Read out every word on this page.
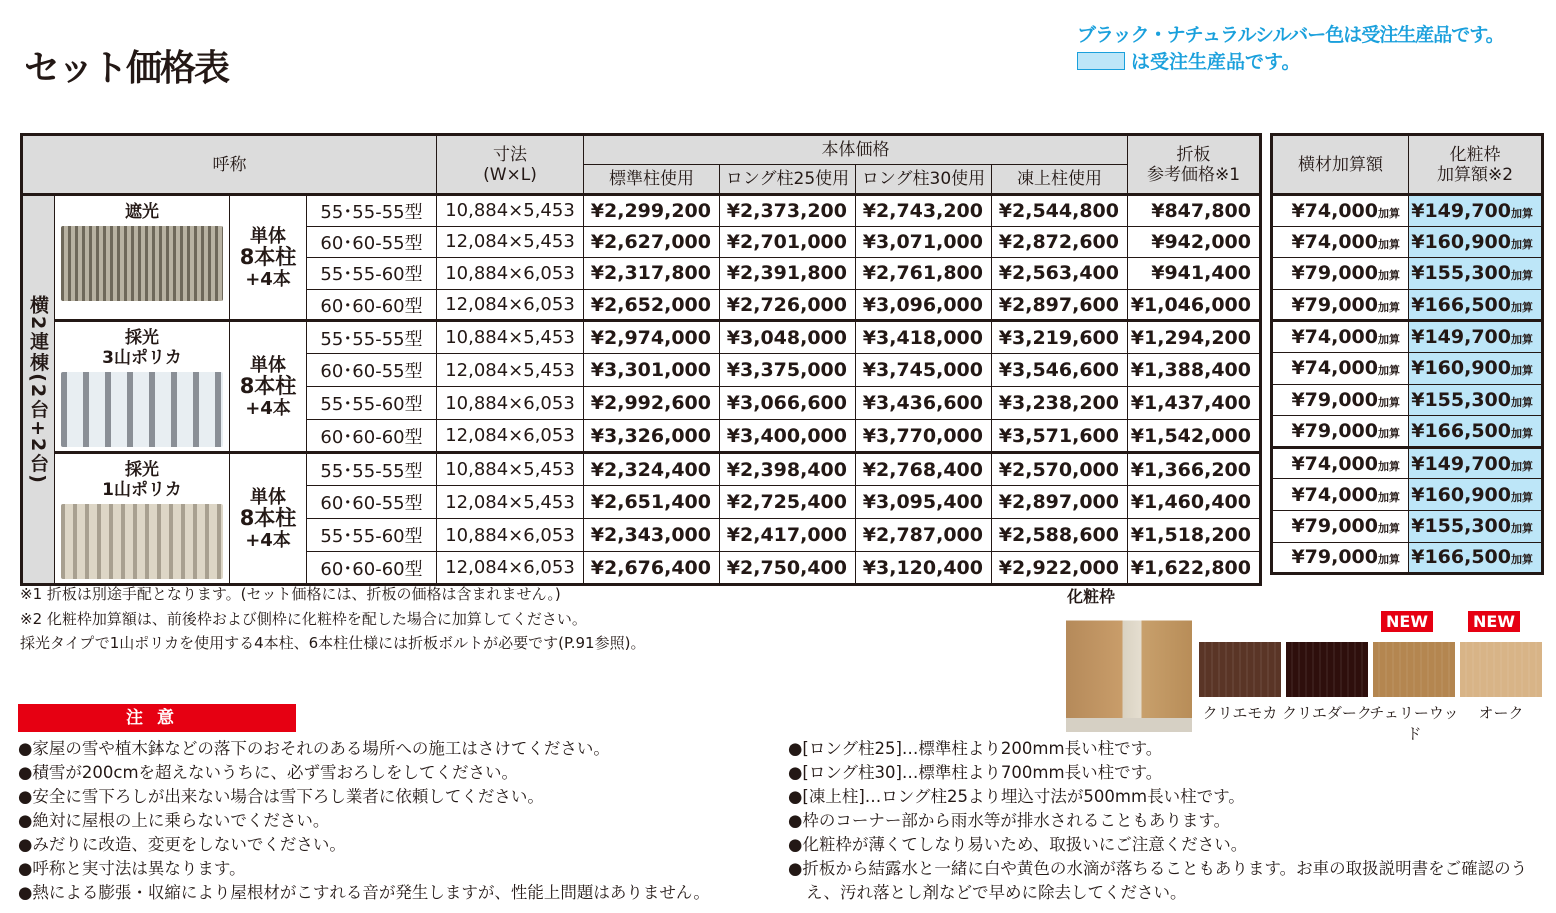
セット価格表
ブラック・ナチュラルシルバー色は受注生産品です。
は受注生産品です。
呼称				寸法
(W×L)	本体価格				折板
参考価格※1
					標準柱使用	ロング柱25使用	ロング柱30使用	凍上柱使用	
横2連棟(2台+2台)	遮光	単体
8本柱
+4本	55･55-55型	10,884×5,453	¥2,299,200	¥2,373,200	¥2,743,200	¥2,544,800	¥847,800
			60･60-55型	12,084×5,453	¥2,627,000	¥2,701,000	¥3,071,000	¥2,872,600	¥942,000
			55･55-60型	10,884×6,053	¥2,317,800	¥2,391,800	¥2,761,800	¥2,563,400	¥941,400
			60･60-60型	12,084×6,053	¥2,652,000	¥2,726,000	¥3,096,000	¥2,897,600	¥1,046,000
	採光
3山ポリカ	単体
8本柱
+4本	55･55-55型	10,884×5,453	¥2,974,000	¥3,048,000	¥3,418,000	¥3,219,600	¥1,294,200
			60･60-55型	12,084×5,453	¥3,301,000	¥3,375,000	¥3,745,000	¥3,546,600	¥1,388,400
			55･55-60型	10,884×6,053	¥2,992,600	¥3,066,600	¥3,436,600	¥3,238,200	¥1,437,400
			60･60-60型	12,084×6,053	¥3,326,000	¥3,400,000	¥3,770,000	¥3,571,600	¥1,542,000
	採光
1山ポリカ	単体
8本柱
+4本	55･55-55型	10,884×5,453	¥2,324,400	¥2,398,400	¥2,768,400	¥2,570,000	¥1,366,200
			60･60-55型	12,084×5,453	¥2,651,400	¥2,725,400	¥3,095,400	¥2,897,000	¥1,460,400
			55･55-60型	10,884×6,053	¥2,343,000	¥2,417,000	¥2,787,000	¥2,588,600	¥1,518,200
			60･60-60型	12,084×6,053	¥2,676,400	¥2,750,400	¥3,120,400	¥2,922,000	¥1,622,800
横材加算額	化粧枠
加算額※2
¥74,000加算	¥149,700加算
¥74,000加算	¥160,900加算
¥79,000加算	¥155,300加算
¥79,000加算	¥166,500加算
¥74,000加算	¥149,700加算
¥74,000加算	¥160,900加算
¥79,000加算	¥155,300加算
¥79,000加算	¥166,500加算
¥74,000加算	¥149,700加算
¥74,000加算	¥160,900加算
¥79,000加算	¥155,300加算
¥79,000加算	¥166,500加算
※1 折板は別途手配となります。(セット価格には、折板の価格は含まれません。)
※2 化粧枠加算額は、前後枠および側枠に化粧枠を配した場合に加算してください。
採光タイプで1山ポリカを使用する4本柱、6本柱仕様には折板ボルトが必要です(P.91参照)。
注意
●家屋の雪や植木鉢などの落下のおそれのある場所への施工はさけてください。
●積雪が200cmを超えないうちに、必ず雪おろしをしてください。
●安全に雪下ろしが出来ない場合は雪下ろし業者に依頼してください。
●絶対に屋根の上に乗らないでください。
●みだりに改造、変更をしないでください。
●呼称と実寸法は異なります。
●熱による膨張・収縮により屋根材がこすれる音が発生しますが、性能上問題はありません。
●[ロング柱25]…標準柱より200mm長い柱です。
●[ロング柱30]…標準柱より700mm長い柱です。
●[凍上柱]…ロング柱25より埋込寸法が500mm長い柱です。
●枠のコーナー部から雨水等が排水されることもあります。
●化粧枠が薄くてしなり易いため、取扱いにご注意ください。
●折板から結露水と一緒に白や黄色の水滴が落ちることもあります。お車の取扱説明書をご確認のう
え、汚れ落とし剤などで早めに除去してください。
化粧枠
クリエモカ クリエダーク
チェリーウッド
NEW
オーク
NEW
